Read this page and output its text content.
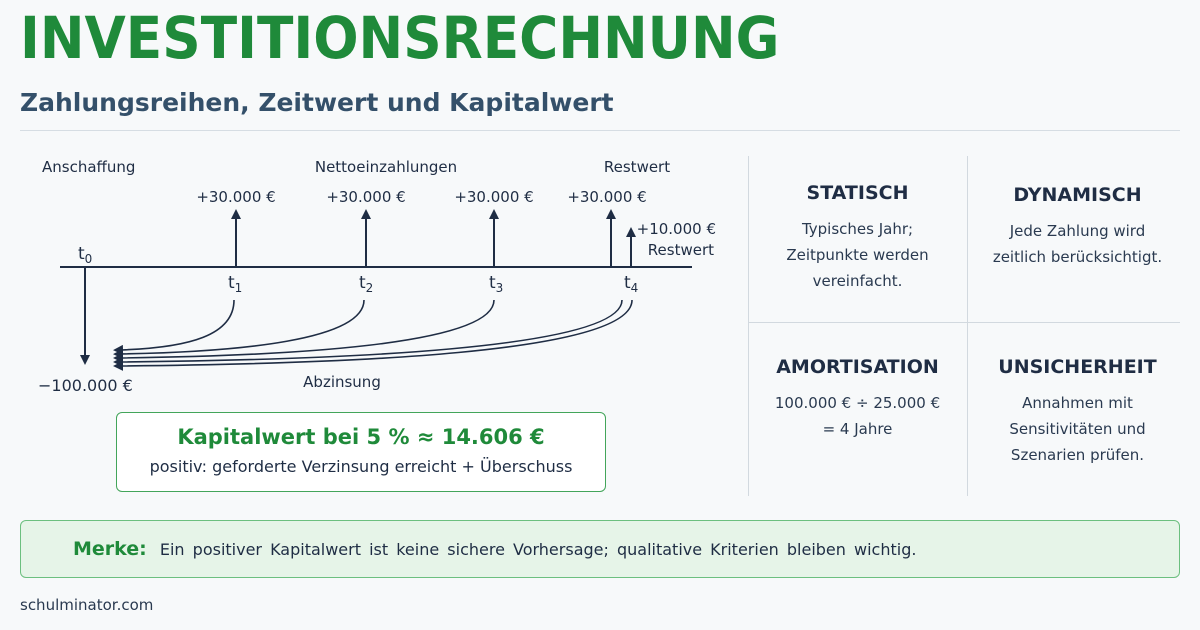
INVESTITIONSRECHNUNG
Zahlungsreihen, Zeitwert und Kapitalwert
Anschaffung	Nettoeinzahlungen	Restwert
$t_0$
$t_1$	$t_2$	$t_3$	$t_4$
−100.000 €
+30.000 €	+30.000 €	+30.000 € +30.000 €
+10.000 €
Restwert
Abzinsung
Kapitalwert bei 5 % ≈ 14.606 €
positiv: geforderte Verzinsung erreicht + Überschuss
STATISCH
Typisches Jahr;
Zeitpunkte werden
vereinfacht.
DYNAMISCH
Jede Zahlung wird
zeitlich berücksichtigt.
AMORTISATION
100.000 € ÷ 25.000 €
= 4 Jahre
UNSICHERHEIT
Annahmen mit
Sensitivitäten und
Szenarien prüfen.
Merke: Ein positiver Kapitalwert ist keine sichere Vorhersage; qualitative Kriterien bleiben wichtig.
schulminator.com
